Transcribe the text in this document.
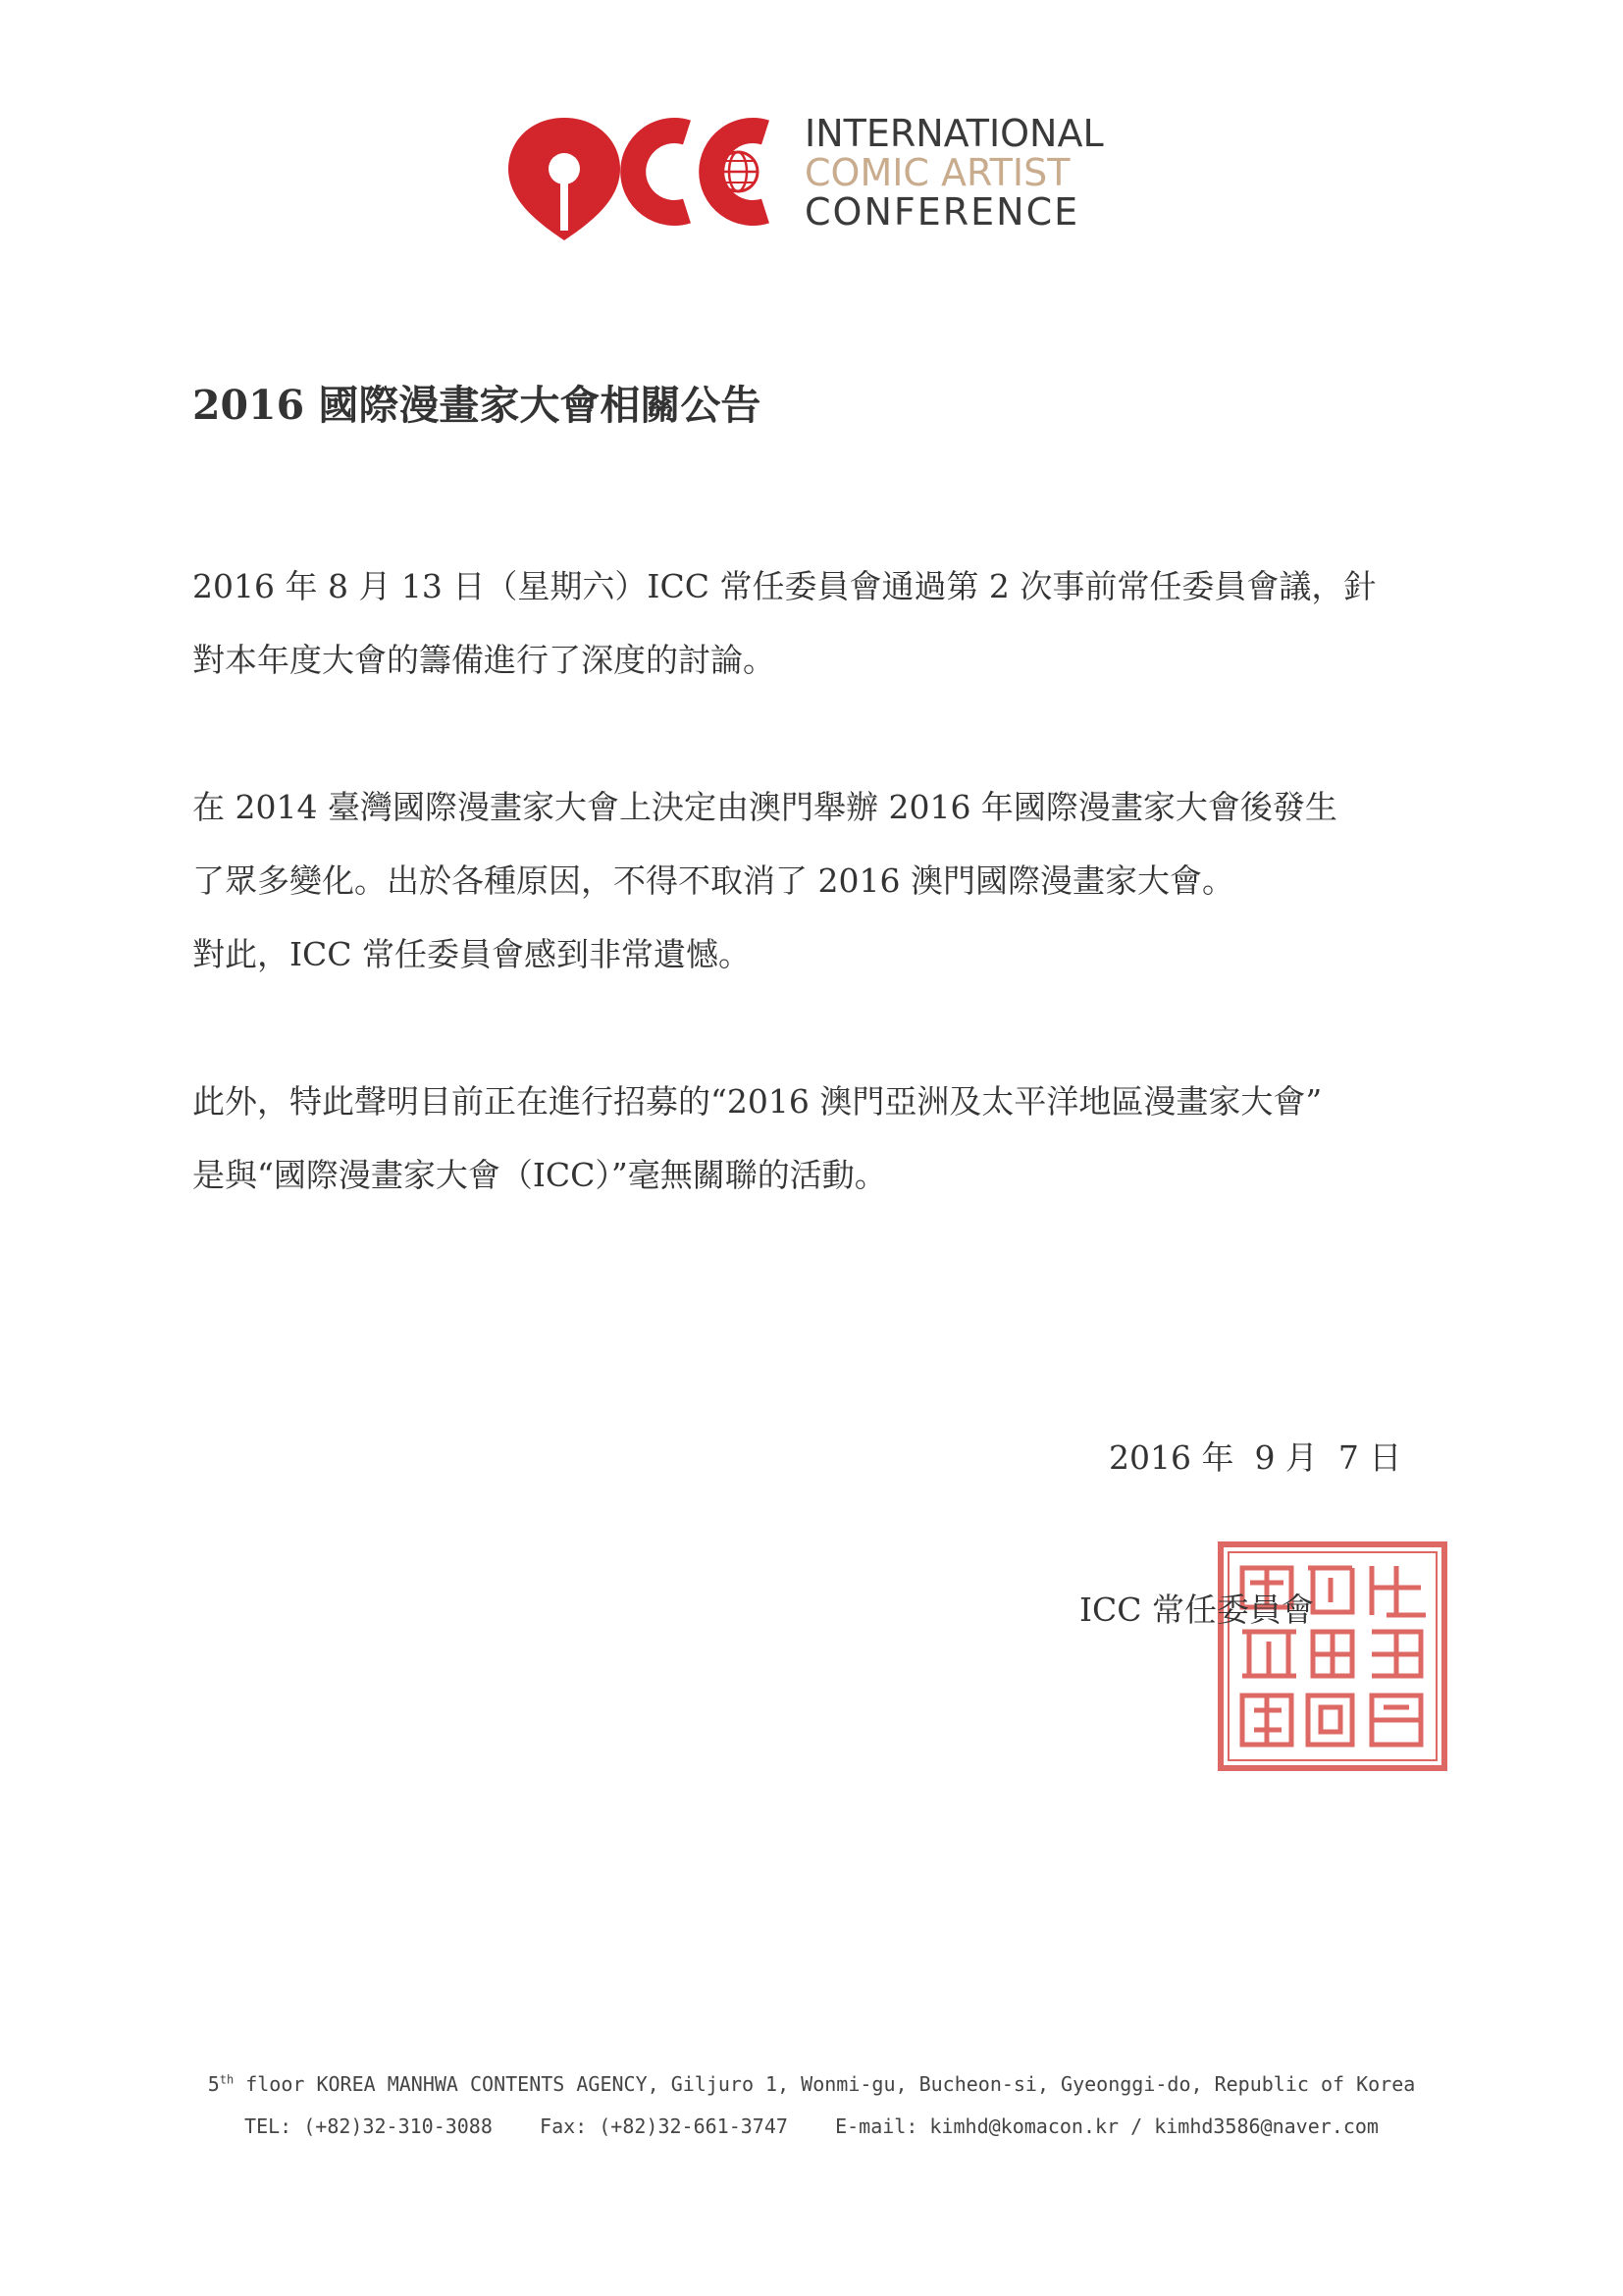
INTERNATIONAL
COMIC ARTIST
CONFERENCE
2016 國際漫畫家大會相關公告
2016 年 8 月 13 日（星期六）ICC 常任委員會通過第 2 次事前常任委員會議，針
對本年度大會的籌備進行了深度的討論。
在 2014 臺灣國際漫畫家大會上決定由澳門舉辦 2016 年國際漫畫家大會後發生
了眾多變化。出於各種原因，不得不取消了 2016 澳門國際漫畫家大會。
對此，ICC 常任委員會感到非常遺憾。
此外，特此聲明目前正在進行招募的“2016 澳門亞洲及太平洋地區漫畫家大會”
是與“國際漫畫家大會（ICC）”毫無關聯的活動。
2016 年  9 月  7 日
ICC 常任委員會
5th floor KOREA MANHWA CONTENTS AGENCY, Giljuro 1, Wonmi-gu, Bucheon-si, Gyeonggi-do, Republic of Korea
TEL: (+82)32-310-3088    Fax: (+82)32-661-3747    E-mail: kimhd@komacon.kr / kimhd3586@naver.com
